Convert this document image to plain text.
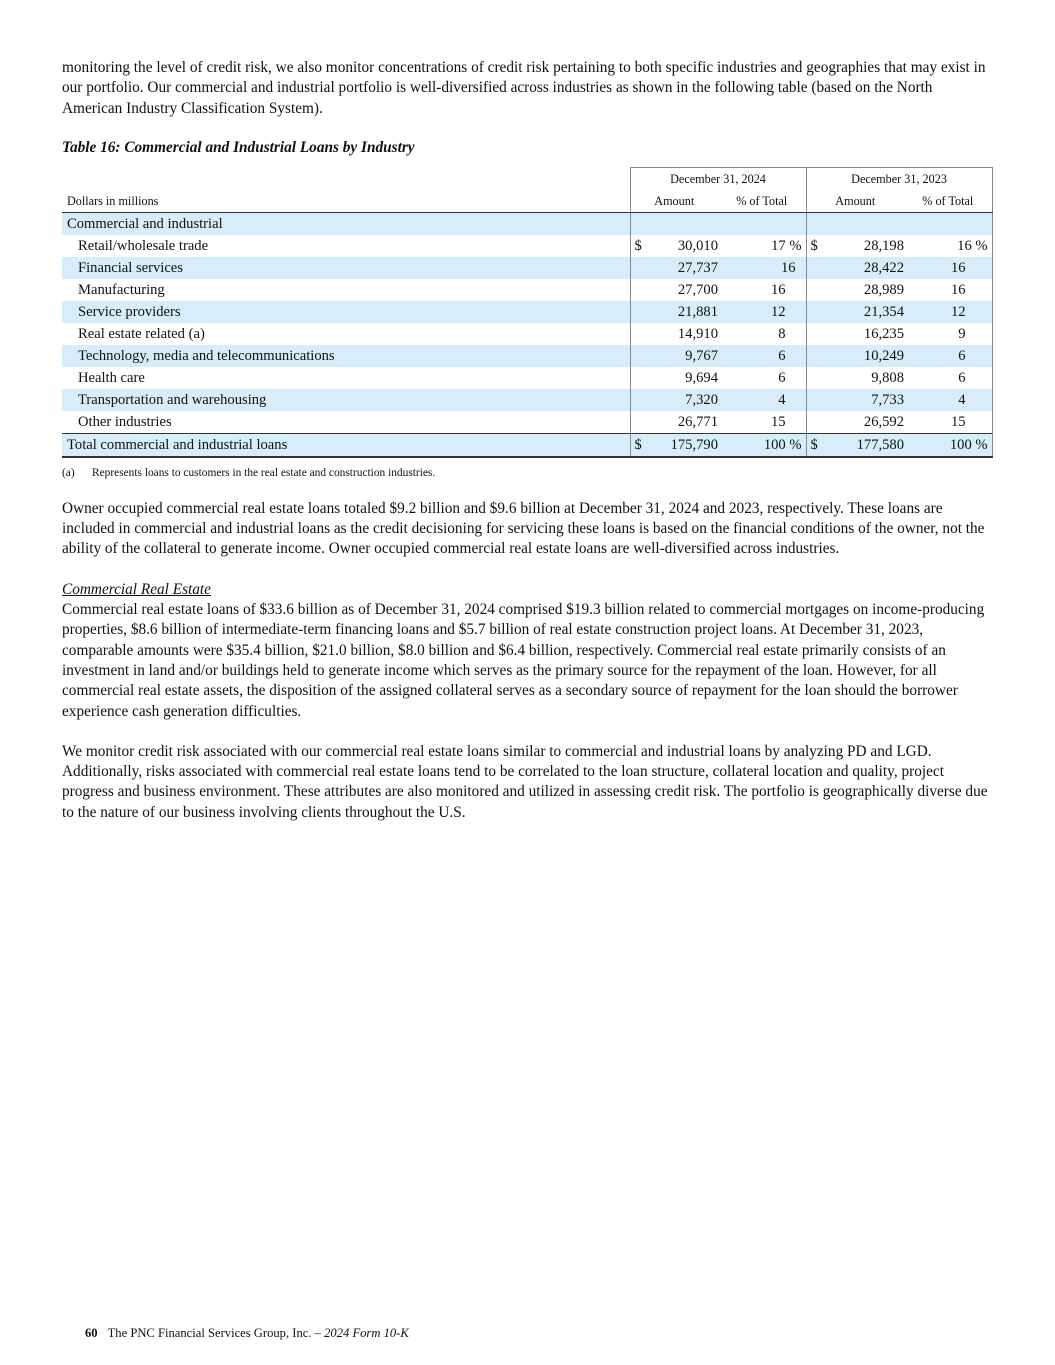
monitoring the level of credit risk, we also monitor concentrations of credit risk pertaining to both specific industries and geographies that may exist in our portfolio. Our commercial and industrial portfolio is well-diversified across industries as shown in the following table (based on the North American Industry Classification System).

Table 16: Commercial and Industrial Loans by Industry
	December 31, 2024			December 31, 2023		
Dollars in millions	Amount		% of Total	Amount		% of Total
Commercial and industrial						
Retail/wholesale trade	$	30,010	17 %	$	28,198	16 %
Financial services		27,737	16		28,422	16
Manufacturing		27,700	16		28,989	16
Service providers		21,881	12		21,354	12
Real estate related (a)		14,910	8		16,235	9
Technology, media and telecommunications		9,767	6		10,249	6
Health care		9,694	6		9,808	6
Transportation and warehousing		7,320	4		7,733	4
Other industries		26,771	15		26,592	15
Total commercial and industrial loans	$	175,790	100 %	$	177,580	100 %
(a) Represents loans to customers in the real estate and construction industries.

Owner occupied commercial real estate loans totaled $9.2 billion and $9.6 billion at December 31, 2024 and 2023, respectively. These loans are included in commercial and industrial loans as the credit decisioning for servicing these loans is based on the financial conditions of the owner, not the ability of the collateral to generate income. Owner occupied commercial real estate loans are well-diversified across industries.

Commercial Real Estate

Commercial real estate loans of $33.6 billion as of December 31, 2024 comprised $19.3 billion related to commercial mortgages on income-producing properties, $8.6 billion of intermediate-term financing loans and $5.7 billion of real estate construction project loans. At December 31, 2023, comparable amounts were $35.4 billion, $21.0 billion, $8.0 billion and $6.4 billion, respectively. Commercial real estate primarily consists of an investment in land and/or buildings held to generate income which serves as the primary source for the repayment of the loan. However, for all commercial real estate assets, the disposition of the assigned collateral serves as a secondary source of repayment for the loan should the borrower experience cash generation difficulties.

We monitor credit risk associated with our commercial real estate loans similar to commercial and industrial loans by analyzing PD and LGD. Additionally, risks associated with commercial real estate loans tend to be correlated to the loan structure, collateral location and quality, project progress and business environment. These attributes are also monitored and utilized in assessing credit risk. The portfolio is geographically diverse due to the nature of our business involving clients throughout the U.S.

60 The PNC Financial Services Group, Inc. – 2024 Form 10-K
